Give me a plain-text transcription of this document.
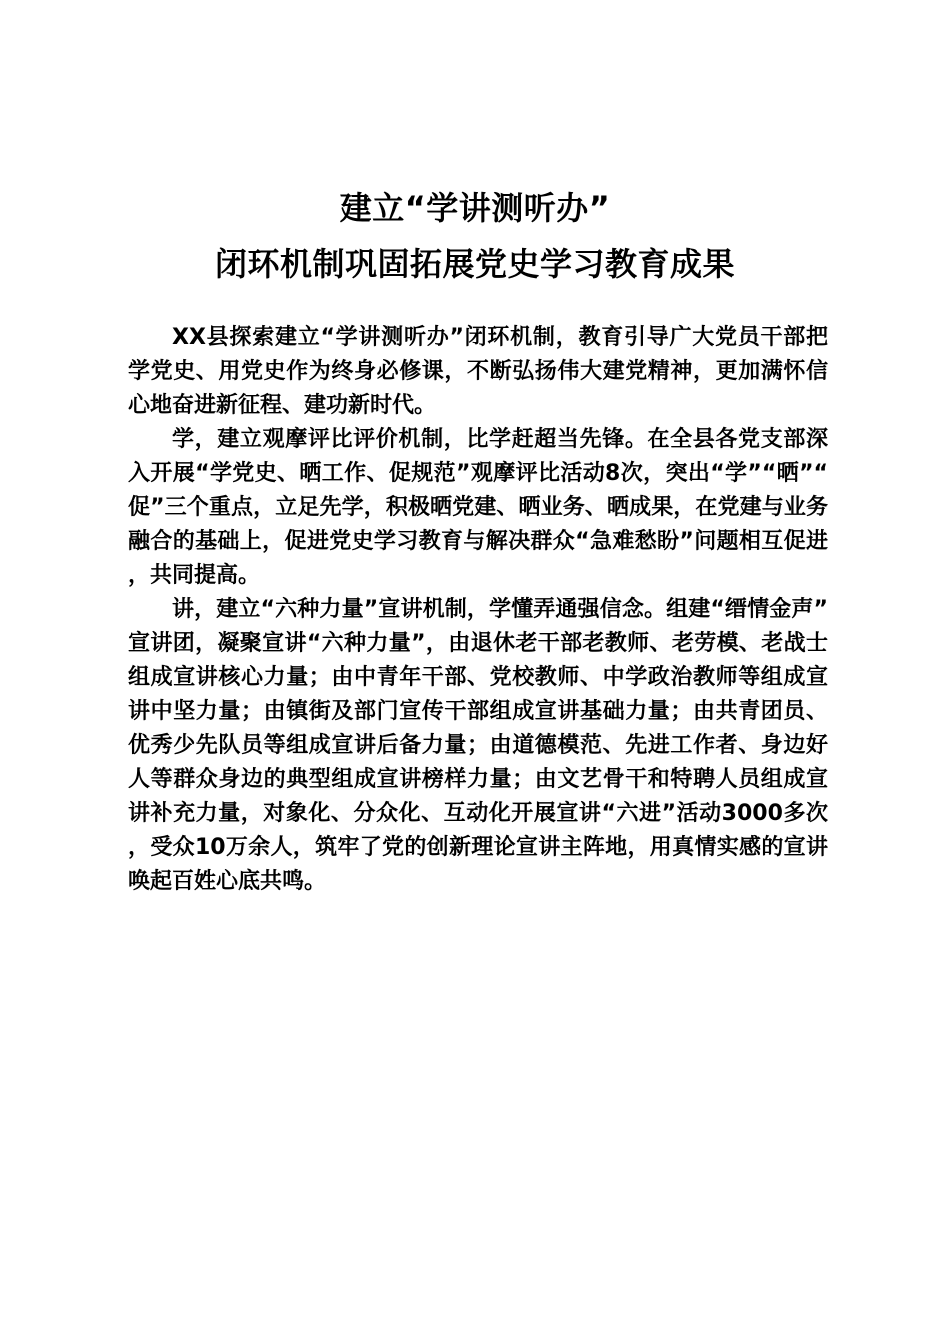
建立“学讲测听办”
闭环机制巩固拓展党史学习教育成果

XX县探索建立“学讲测听办”闭环机制，教育引导广大党员干部把学党史、用党史作为终身必修课，不断弘扬伟大建党精神，更加满怀信心地奋进新征程、建功新时代。

学，建立观摩评比评价机制，比学赶超当先锋。在全县各党支部深入开展“学党史、晒工作、促规范”观摩评比活动8次，突出“学”“晒”“促”三个重点，立足先学，积极晒党建、晒业务、晒成果，在党建与业务融合的基础上，促进党史学习教育与解决群众“急难愁盼”问题相互促进，共同提高。

讲，建立“六种力量”宣讲机制，学懂弄通强信念。组建“缙情金声”宣讲团，凝聚宣讲“六种力量”，由退休老干部老教师、老劳模、老战士组成宣讲核心力量；由中青年干部、党校教师、中学政治教师等组成宣讲中坚力量；由镇街及部门宣传干部组成宣讲基础力量；由共青团员、优秀少先队员等组成宣讲后备力量；由道德模范、先进工作者、身边好人等群众身边的典型组成宣讲榜样力量；由文艺骨干和特聘人员组成宣讲补充力量，对象化、分众化、互动化开展宣讲“六进”活动3000多次，受众10万余人，筑牢了党的创新理论宣讲主阵地，用真情实感的宣讲唤起百姓心底共鸣。
